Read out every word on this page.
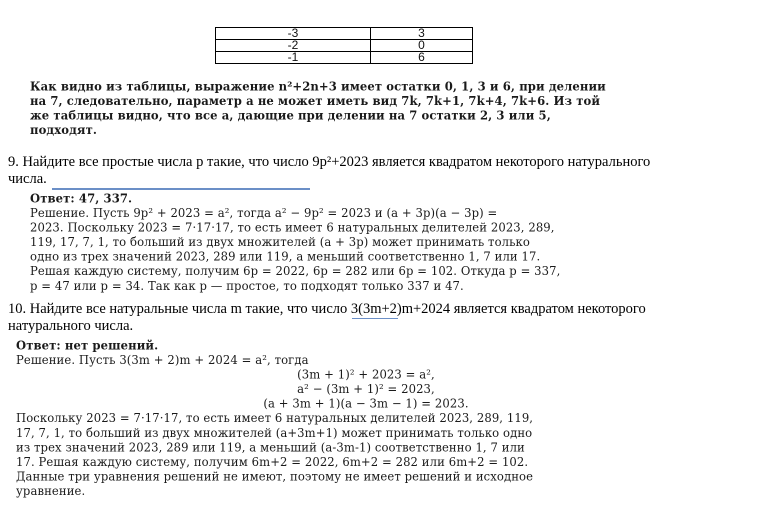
-3	3
-2	0
-1	6
Как видно из таблицы, выражение n²+2n+3 имеет остатки 0, 1, 3 и 6, при делении
на 7, следовательно, параметр a не может иметь вид 7k, 7k+1, 7k+4, 7k+6. Из той
же таблицы видно, что все a, дающие при делении на 7 остатки 2, 3 или 5,
подходят.
9. Найдите все простые числа p такие, что число 9p²+2023 является квадратом некоторого натурального
числа.
Ответ: 47, 337.
Решение. Пусть 9p² + 2023 = a², тогда a² − 9p² = 2023 и (a + 3p)(a − 3p) =
2023. Поскольку 2023 = 7·17·17, то есть имеет 6 натуральных делителей 2023, 289,
119, 17, 7, 1, то больший из двух множителей (a + 3p) может принимать только
одно из трех значений 2023, 289 или 119, а меньший соответственно 1, 7 или 17.
Решая каждую систему, получим 6p = 2022, 6p = 282 или 6p = 102. Откуда p = 337,
p = 47 или p = 34. Так как p — простое, то подходят только 337 и 47.
10. Найдите все натуральные числа m такие, что число 3(3m+2)m+2024 является квадратом некоторого
натурального числа.
Ответ: нет решений.
Решение. Пусть 3(3m + 2)m + 2024 = a², тогда
(3m + 1)² + 2023 = a²,
a² − (3m + 1)² = 2023,
(a + 3m + 1)(a − 3m − 1) = 2023.
Поскольку 2023 = 7·17·17, то есть имеет 6 натуральных делителей 2023, 289, 119,
17, 7, 1, то больший из двух множителей (a+3m+1) может принимать только одно
из трех значений 2023, 289 или 119, а меньший (a-3m-1) соответственно 1, 7 или
17. Решая каждую систему, получим 6m+2 = 2022, 6m+2 = 282 или 6m+2 = 102.
Данные три уравнения решений не имеют, поэтому не имеет решений и исходное
уравнение.
